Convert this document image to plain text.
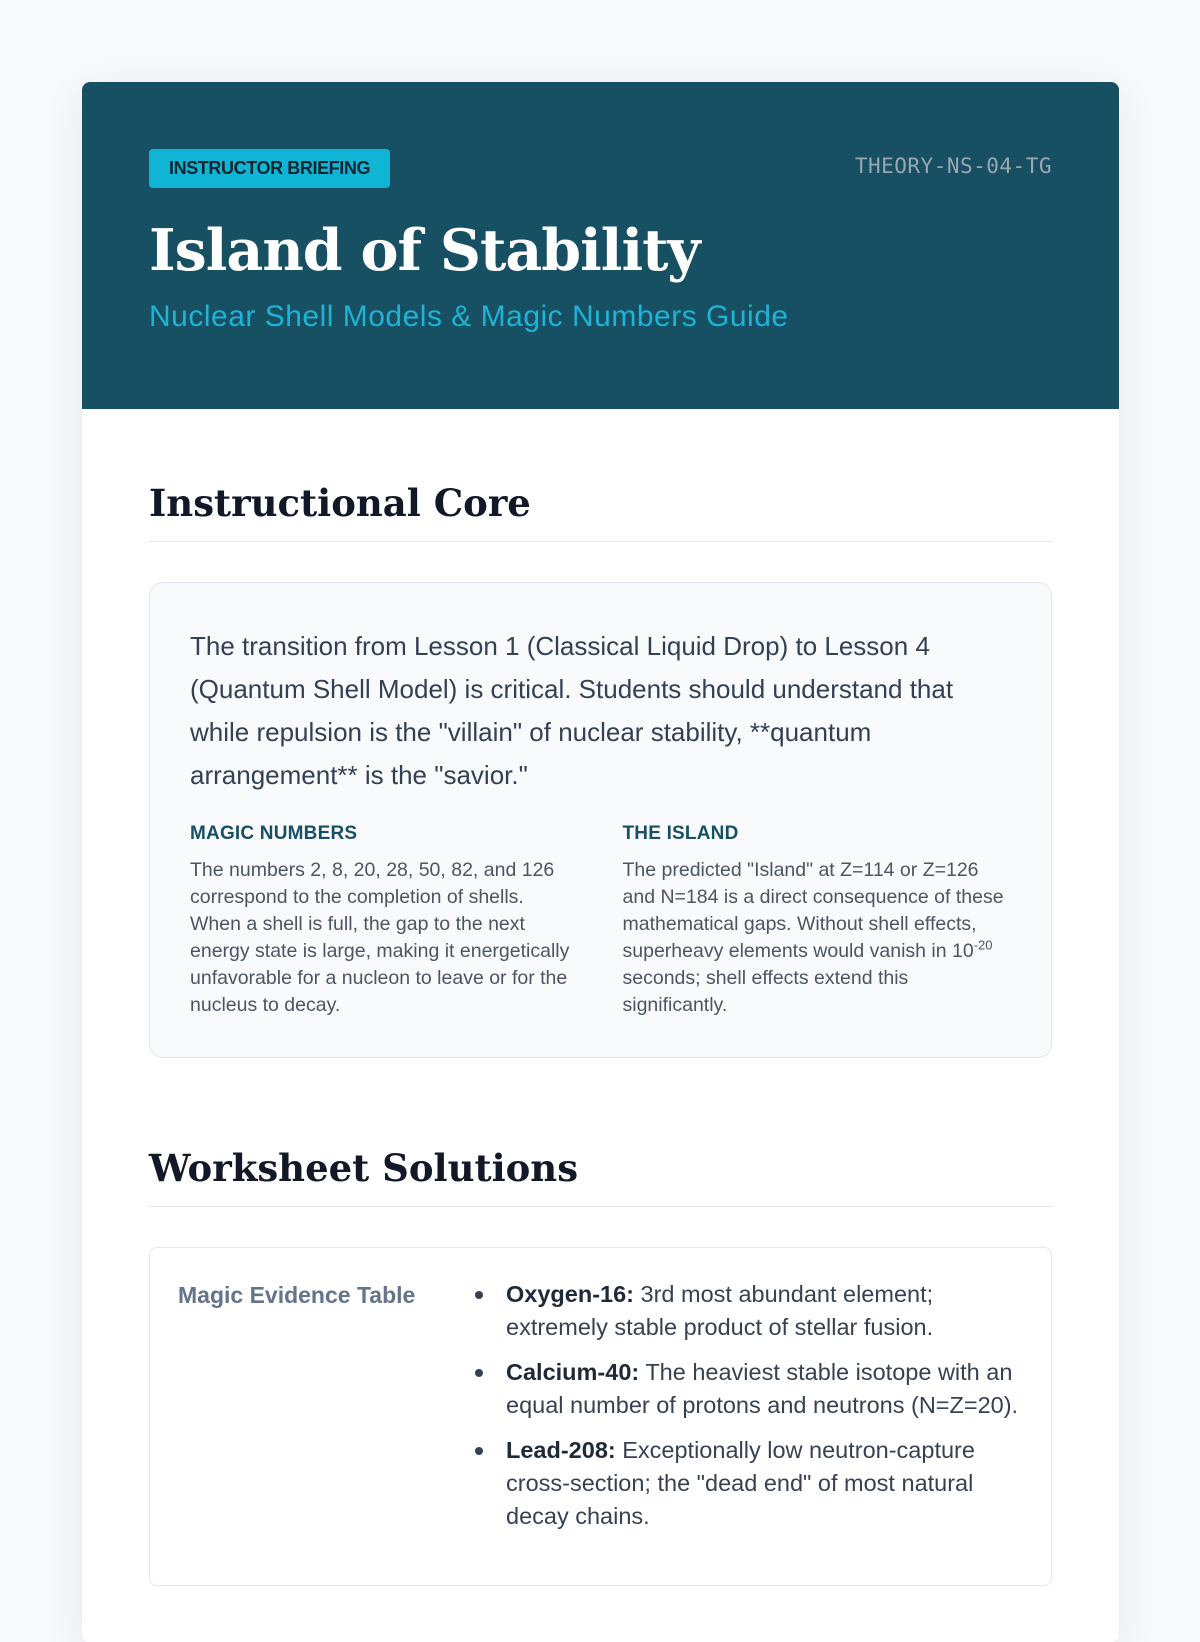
INSTRUCTOR BRIEFING	THEORY-NS-04-TG
Island of Stability
Nuclear Shell Models & Magic Numbers Guide
Instructional Core

The transition from Lesson 1 (Classical Liquid Drop) to Lesson 4 (Quantum Shell Model) is critical. Students should understand that while repulsion is the "villain" of nuclear stability, **quantum arrangement** is the "savior."

MAGIC NUMBERS

The numbers 2, 8, 20, 28, 50, 82, and 126 correspond to the completion of shells. When a shell is full, the gap to the next energy state is large, making it energetically unfavorable for a nucleon to leave or for the nucleus to decay.

THE ISLAND

The predicted "Island" at Z=114 or Z=126 and N=184 is a direct consequence of these mathematical gaps. Without shell effects, superheavy elements would vanish in $10^{-20}$ seconds; shell effects extend this significantly.

Worksheet Solutions
Magic Evidence Table	Oxygen-16: 3rd most abundant element; extremely stable product of stellar fusion.
Calcium-40: The heaviest stable isotope with an equal number of protons and neutrons (N=Z=20).
Lead-208: Exceptionally low neutron-capture cross-section; the "dead end" of most natural decay chains.
